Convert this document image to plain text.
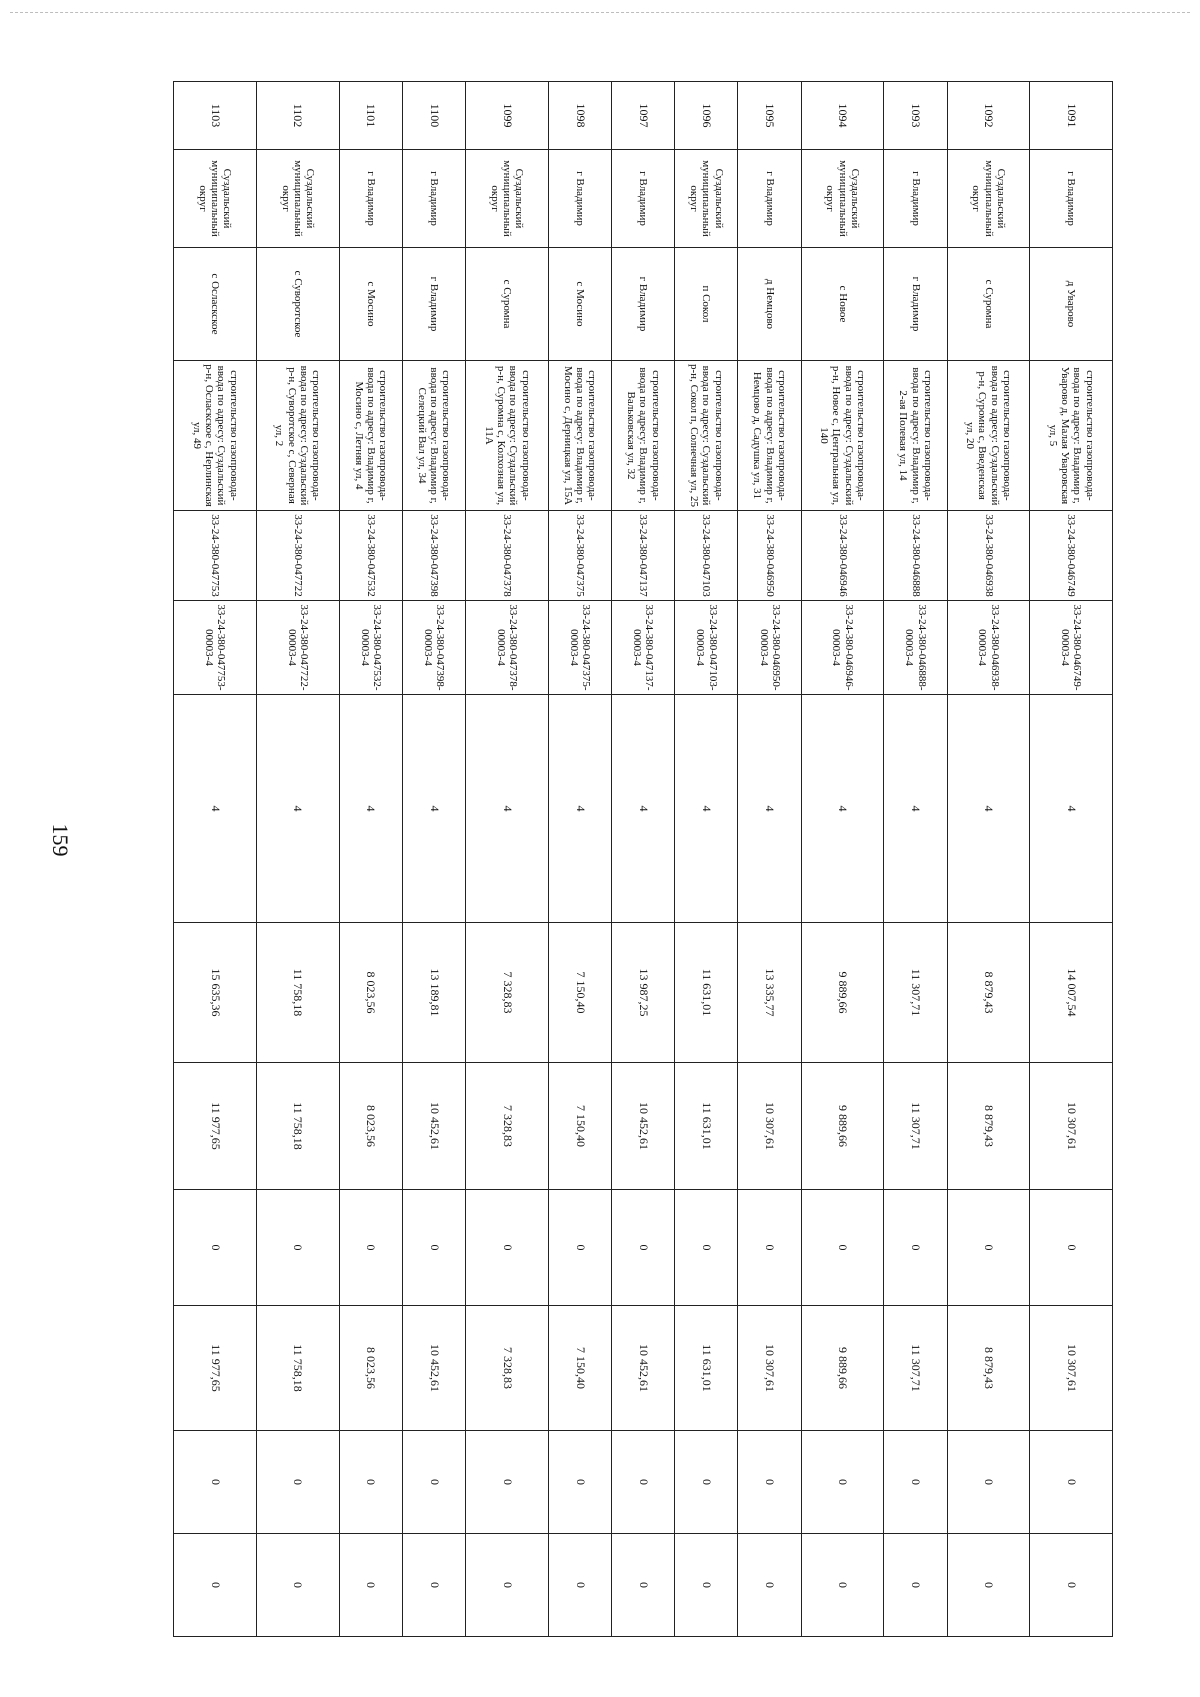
159
1091	г Владимир	д Уварово	строительство газопровода-ввода по адресу: Владимир г, Уварово д, Малая Уваровская ул, 5	33-24-380-046749	33-24-380-046749-00003-4	4	14 007,54	10 307,61	0	10 307,61	0	0
1092	Суздальский муниципальный округ	с Суромна	строительство газопровода-ввода по адресу: Суздальский р-н, Суромна с, Введенская ул, 20	33-24-380-046938	33-24-380-046938-00003-4	4	8 879,43	8 879,43	0	8 879,43	0	0
1093	г Владимир	г Владимир	строительство газопровода-ввода по адресу: Владимир г, 2-ая Полевая ул, 14	33-24-380-046888	33-24-380-046888-00003-4	4	11 307,71	11 307,71	0	11 307,71	0	0
1094	Суздальский муниципальный округ	с Новое	строительство газопровода-ввода по адресу: Суздальский р-н, Новое с, Центральная ул, 140	33-24-380-046946	33-24-380-046946-00003-4	4	9 889,66	9 889,66	0	9 889,66	0	0
1095	г Владимир	д Немцово	строительство газопровода-ввода по адресу: Владимир г, Немцово д, Садушка ул, 31	33-24-380-046950	33-24-380-046950-00003-4	4	13 335,77	10 307,61	0	10 307,61	0	0
1096	Суздальский муниципальный округ	п Сокол	строительство газопровода-ввода по адресу: Суздальский р-н, Сокол п, Солнечная ул, 25	33-24-380-047103	33-24-380-047103-00003-4	4	11 631,01	11 631,01	0	11 631,01	0	0
1097	г Владимир	г Владимир	строительство газопровода-ввода по адресу: Владимир г, Вальковская ул, 32	33-24-380-047137	33-24-380-047137-00003-4	4	13 987,25	10 452,61	0	10 452,61	0	0
1098	г Владимир	с Мосино	строительство газопровода-ввода по адресу: Владимир г, Мосино с, Дерницкая ул, 15А	33-24-380-047375	33-24-380-047375-00003-4	4	7 150,40	7 150,40	0	7 150,40	0	0
1099	Суздальский муниципальный округ	с Суромна	строительство газопровода-ввода по адресу: Суздальский р-н, Суромна с, Колхозная ул, 11А	33-24-380-047378	33-24-380-047378-00003-4	4	7 328,83	7 328,83	0	7 328,83	0	0
1100	г Владимир	г Владимир	строительство газопровода-ввода по адресу: Владимир г, Селецкий Вал ул, 34	33-24-380-047398	33-24-380-047398-00003-4	4	13 189,81	10 452,61	0	10 452,61	0	0
1101	г Владимир	с Мосино	строительство газопровода-ввода по адресу: Владимир г, Мосино с, Летняя ул, 4	33-24-380-047532	33-24-380-047532-00003-4	4	8 023,56	8 023,56	0	8 023,56	0	0
1102	Суздальский муниципальный округ	с Суворотское	строительство газопровода-ввода по адресу: Суздальский р-н, Суворотское с, Северная ул, 2	33-24-380-047722	33-24-380-047722-00003-4	4	11 758,18	11 758,18	0	11 758,18	0	0
1103	Суздальский муниципальный округ	с Осласкское	строительство газопровода-ввода по адресу: Суздальский р-н, Осласкское с, Нерлинская ул, 49	33-24-380-047753	33-24-380-047753-00003-4	4	15 635,36	11 977,65	0	11 977,65	0	0
